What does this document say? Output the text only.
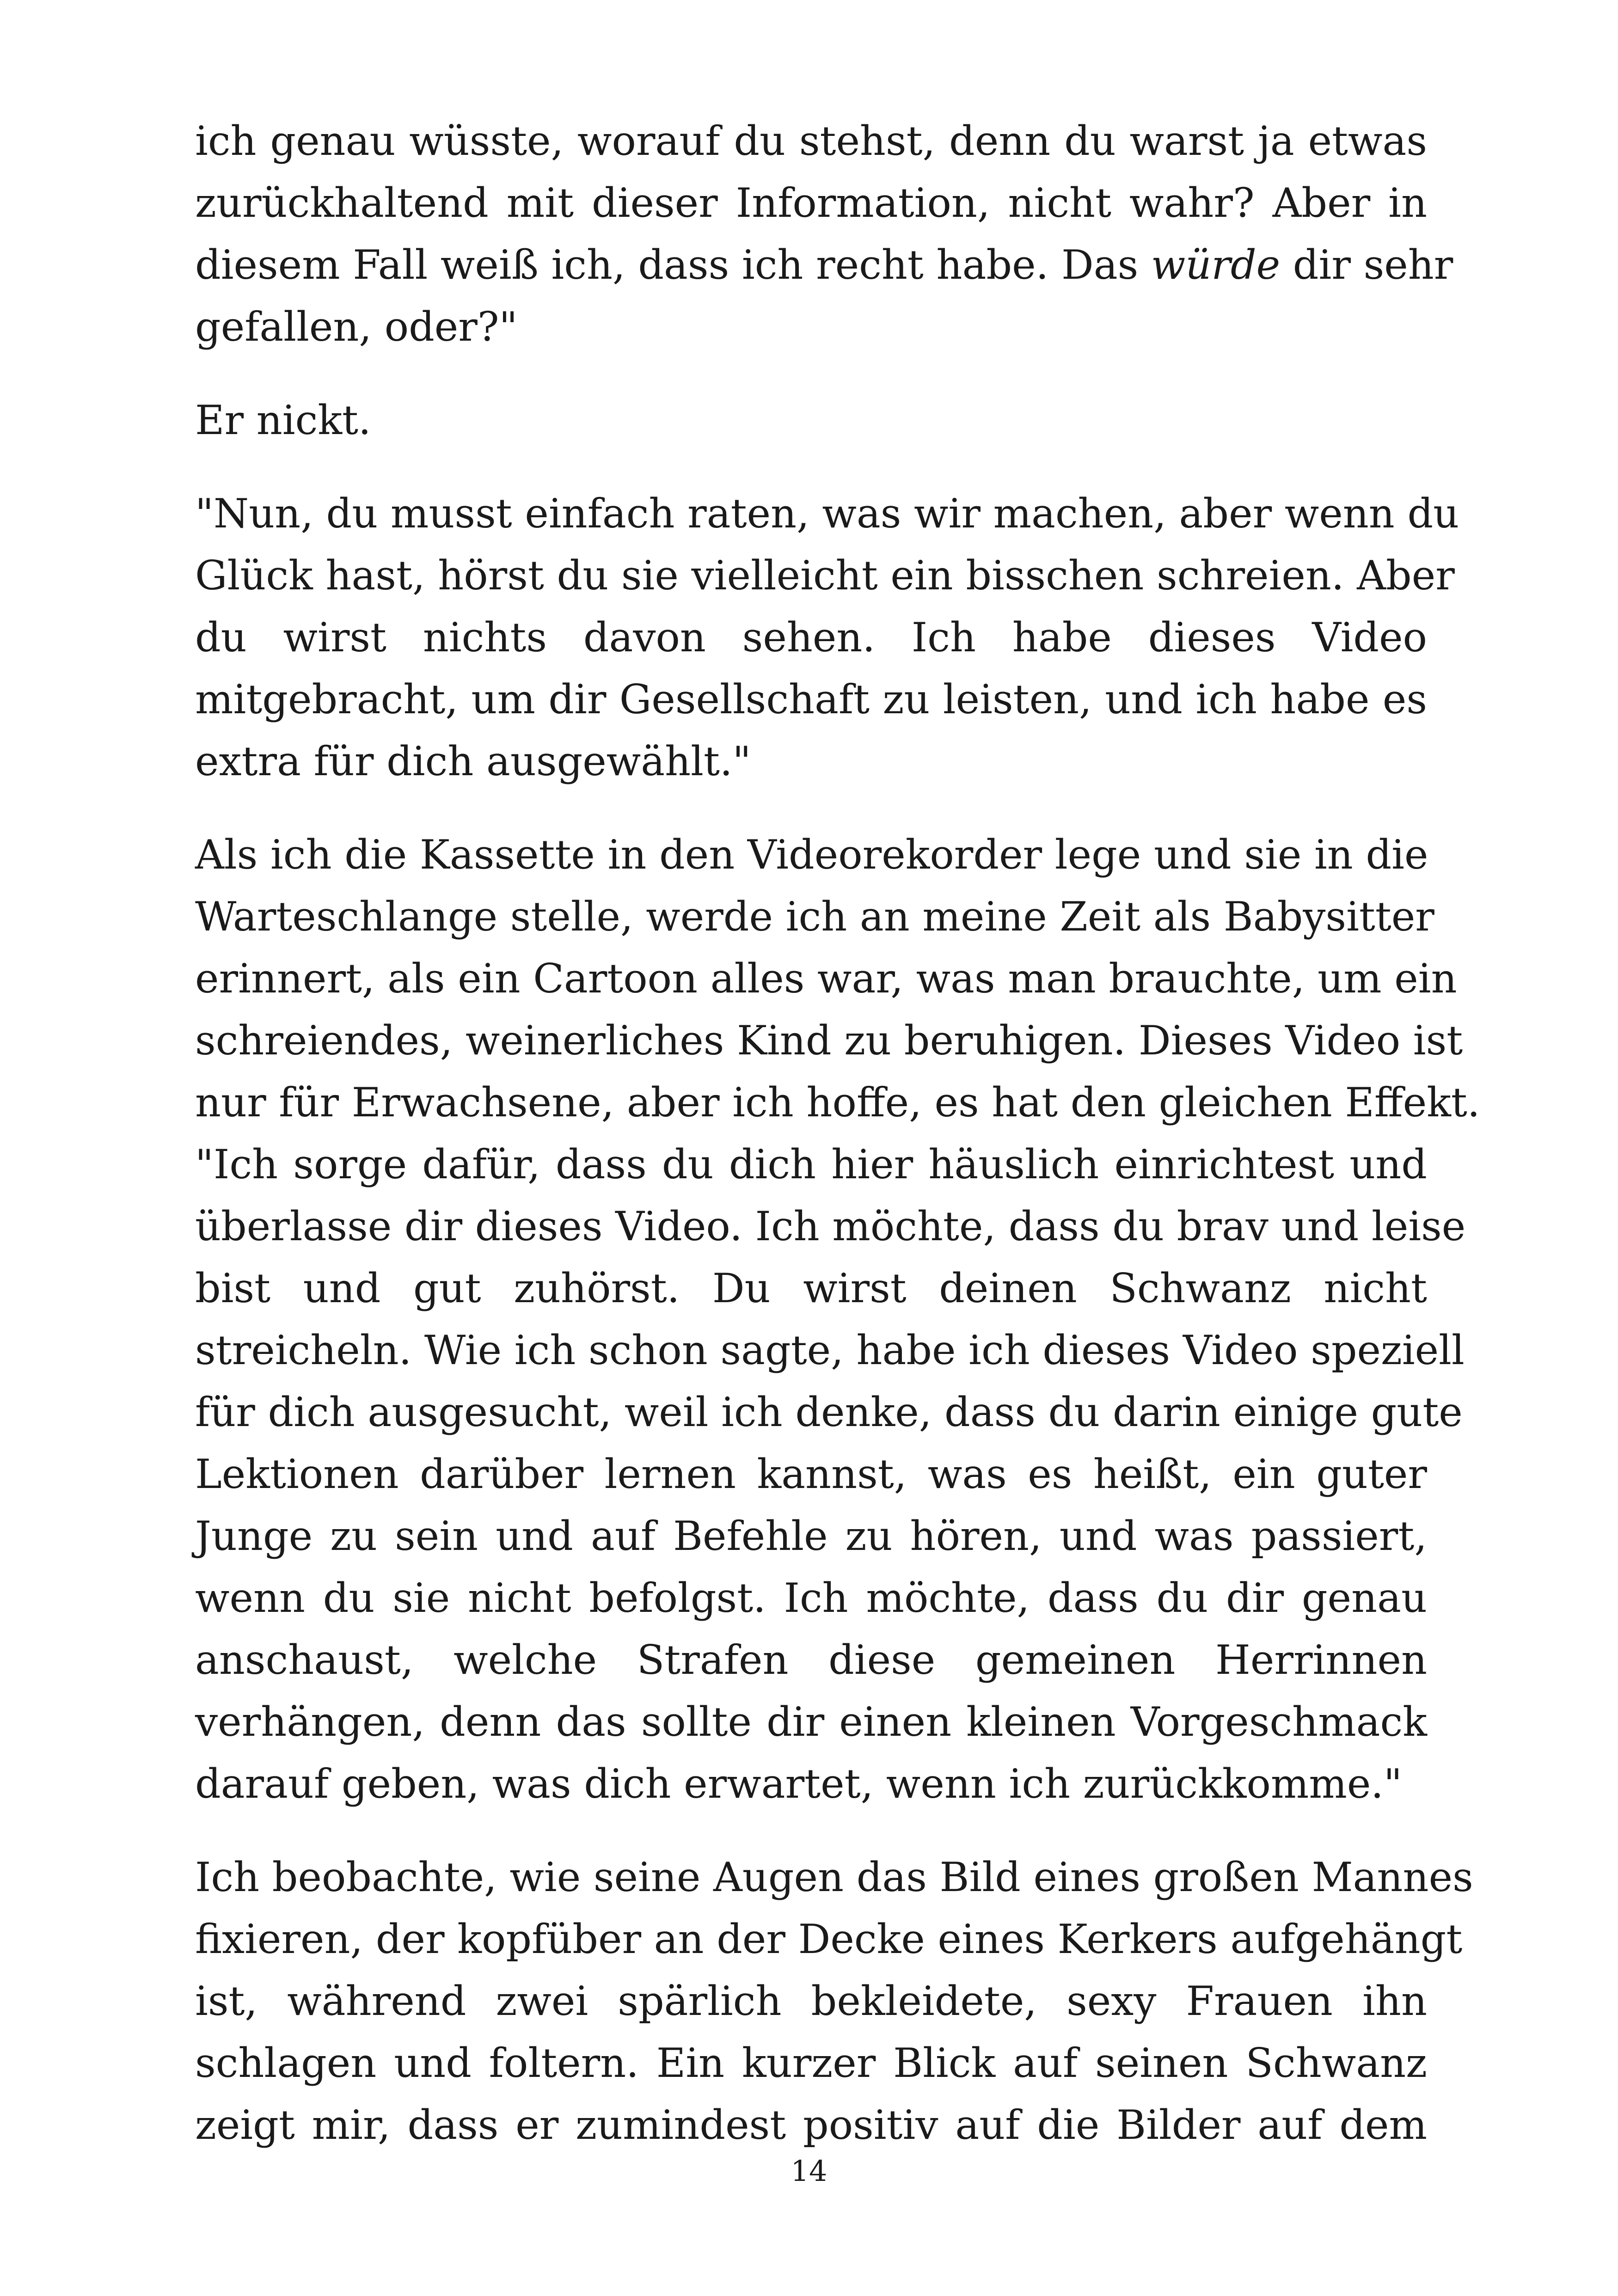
ich genau wüsste, worauf du stehst, denn du warst ja etwas
zurückhaltend mit dieser Information, nicht wahr? Aber in
diesem Fall weiß ich, dass ich recht habe. Das würde dir sehr
gefallen, oder?"
Er nickt.
"Nun, du musst einfach raten, was wir machen, aber wenn du
Glück hast, hörst du sie vielleicht ein bisschen schreien. Aber
du wirst nichts davon sehen. Ich habe dieses Video
mitgebracht, um dir Gesellschaft zu leisten, und ich habe es
extra für dich ausgewählt."
Als ich die Kassette in den Videorekorder lege und sie in die
Warteschlange stelle, werde ich an meine Zeit als Babysitter
erinnert, als ein Cartoon alles war, was man brauchte, um ein
schreiendes, weinerliches Kind zu beruhigen. Dieses Video ist
nur für Erwachsene, aber ich hoffe, es hat den gleichen Effekt.
"Ich sorge dafür, dass du dich hier häuslich einrichtest und
überlasse dir dieses Video. Ich möchte, dass du brav und leise
bist und gut zuhörst. Du wirst deinen Schwanz nicht
streicheln. Wie ich schon sagte, habe ich dieses Video speziell
für dich ausgesucht, weil ich denke, dass du darin einige gute
Lektionen darüber lernen kannst, was es heißt, ein guter
Junge zu sein und auf Befehle zu hören, und was passiert,
wenn du sie nicht befolgst. Ich möchte, dass du dir genau
anschaust, welche Strafen diese gemeinen Herrinnen
verhängen, denn das sollte dir einen kleinen Vorgeschmack
darauf geben, was dich erwartet, wenn ich zurückkomme."
Ich beobachte, wie seine Augen das Bild eines großen Mannes
fixieren, der kopfüber an der Decke eines Kerkers aufgehängt
ist, während zwei spärlich bekleidete, sexy Frauen ihn
schlagen und foltern. Ein kurzer Blick auf seinen Schwanz
zeigt mir, dass er zumindest positiv auf die Bilder auf dem
14
